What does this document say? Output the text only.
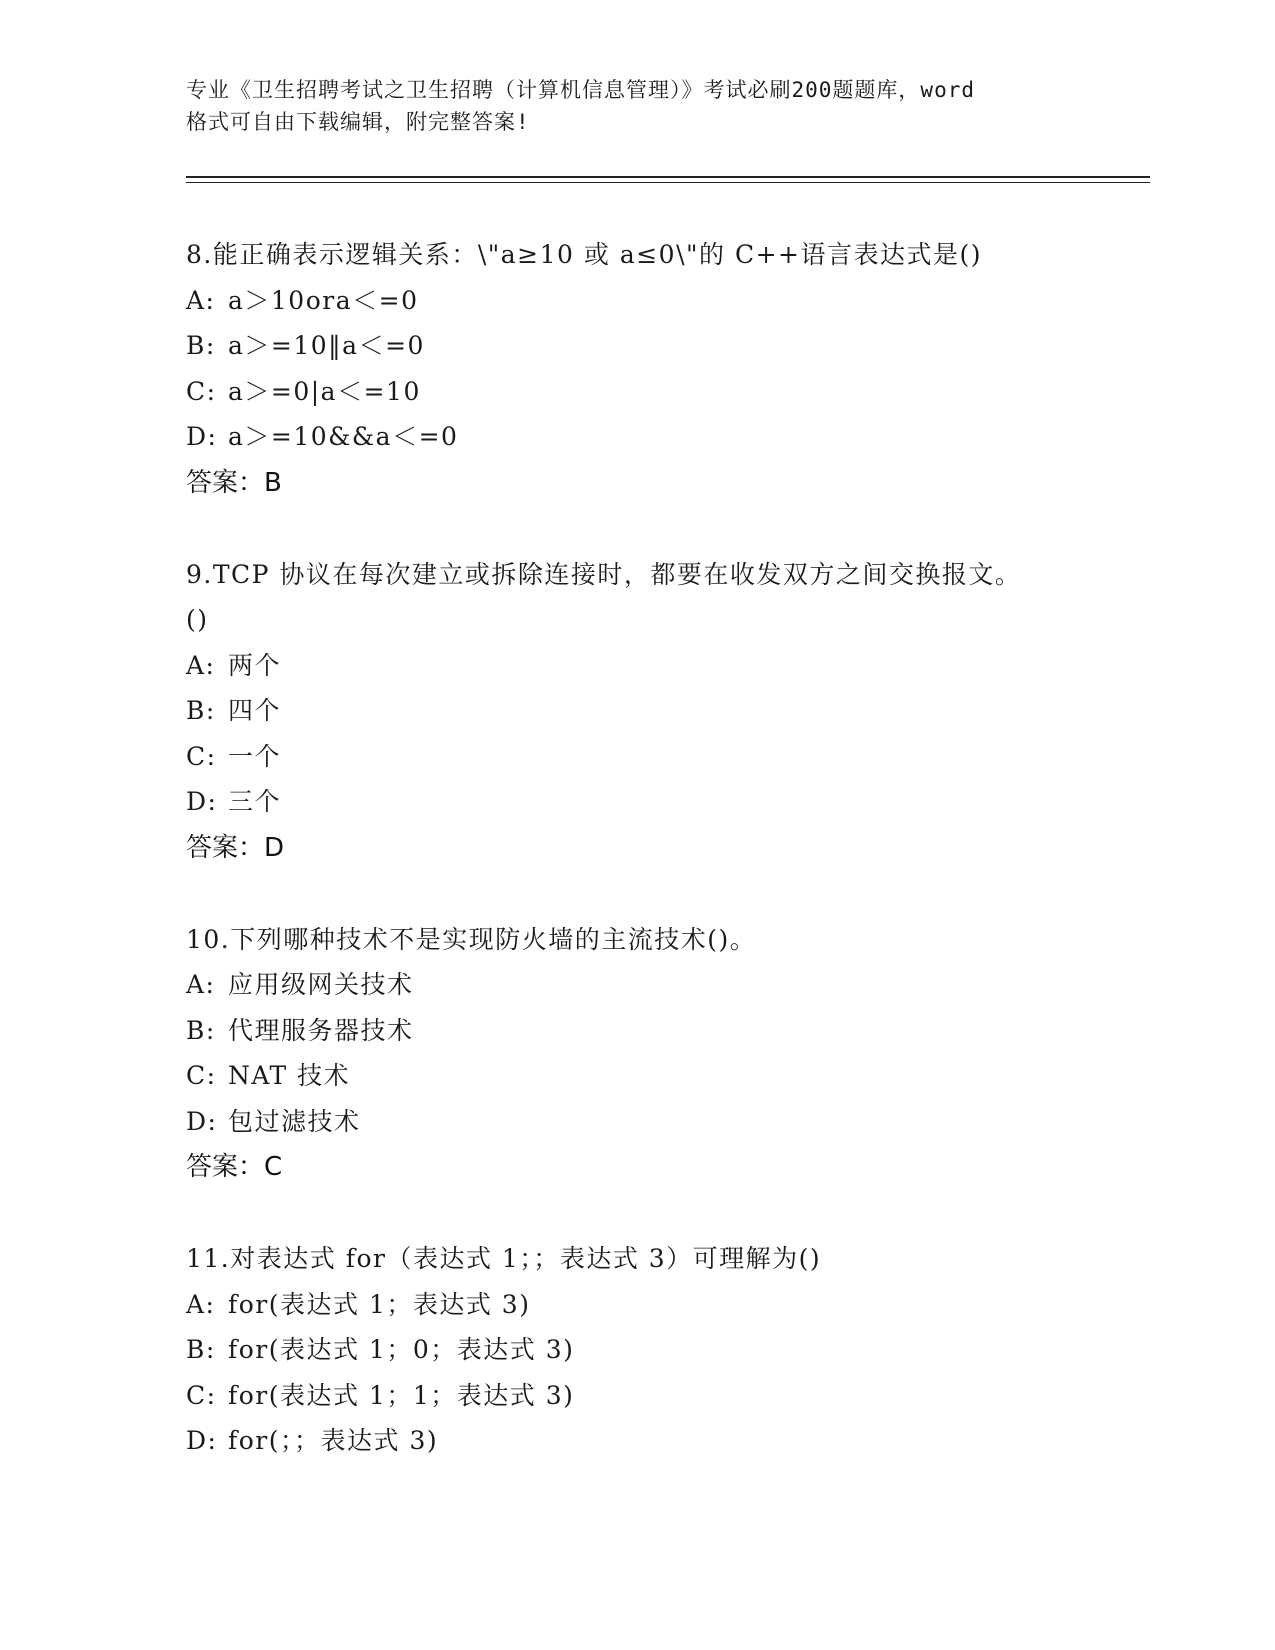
专业《卫生招聘考试之卫生招聘（计算机信息管理）》考试必刷200题题库，word
格式可自由下载编辑，附完整答案!
8.能正确表示逻辑关系：\"a≥10 或 a≤0\"的 C++语言表达式是()
A: a＞10ora＜=0
B: a＞=10‖a＜=0
C: a＞=0|a＜=10
D: a＞=10&&a＜=0
答案：B
9.TCP 协议在每次建立或拆除连接时，都要在收发双方之间交换报文。
()
A: 两个
B: 四个
C: 一个
D: 三个
答案：D
10.下列哪种技术不是实现防火墙的主流技术()。
A: 应用级网关技术
B: 代理服务器技术
C: NAT 技术
D: 包过滤技术
答案：C
11.对表达式 for（表达式 1；；表达式 3）可理解为()
A: for(表达式 1；表达式 3)
B: for(表达式 1；0；表达式 3)
C: for(表达式 1；1；表达式 3)
D: for(；；表达式 3)
